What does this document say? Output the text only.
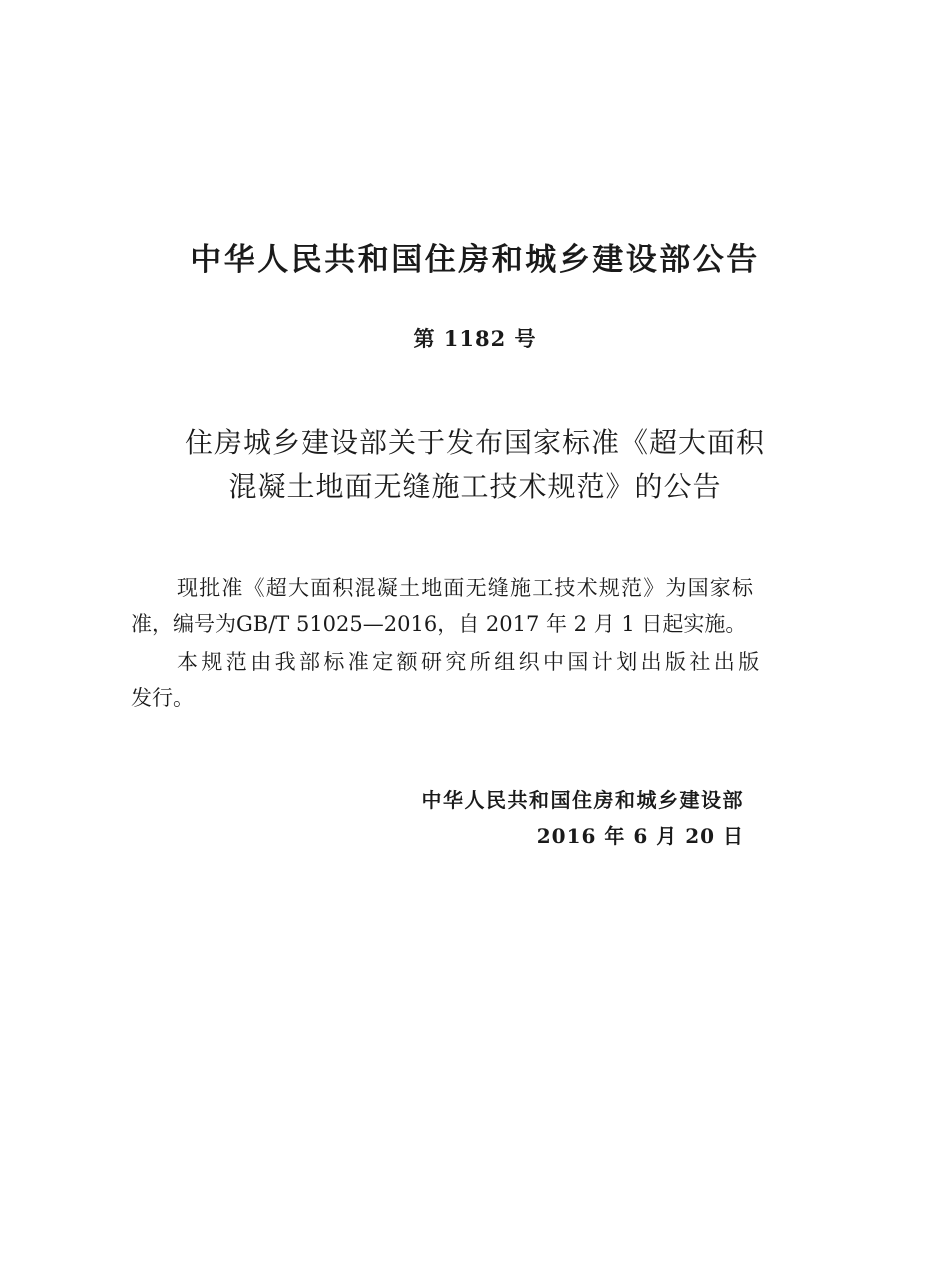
中华人民共和国住房和城乡建设部公告
第 1182 号
住房城乡建设部关于发布国家标准《超大面积
混凝土地面无缝施工技术规范》的公告
现批准《超大面积混凝土地面无缝施工技术规范》为国家标
准，编号为GB/T 51025—2016，自 2017 年 2 月 1 日起实施。
本规范由我部标准定额研究所组织中国计划出版社出版
发行。
中华人民共和国住房和城乡建设部
2016 年 6 月 20 日
